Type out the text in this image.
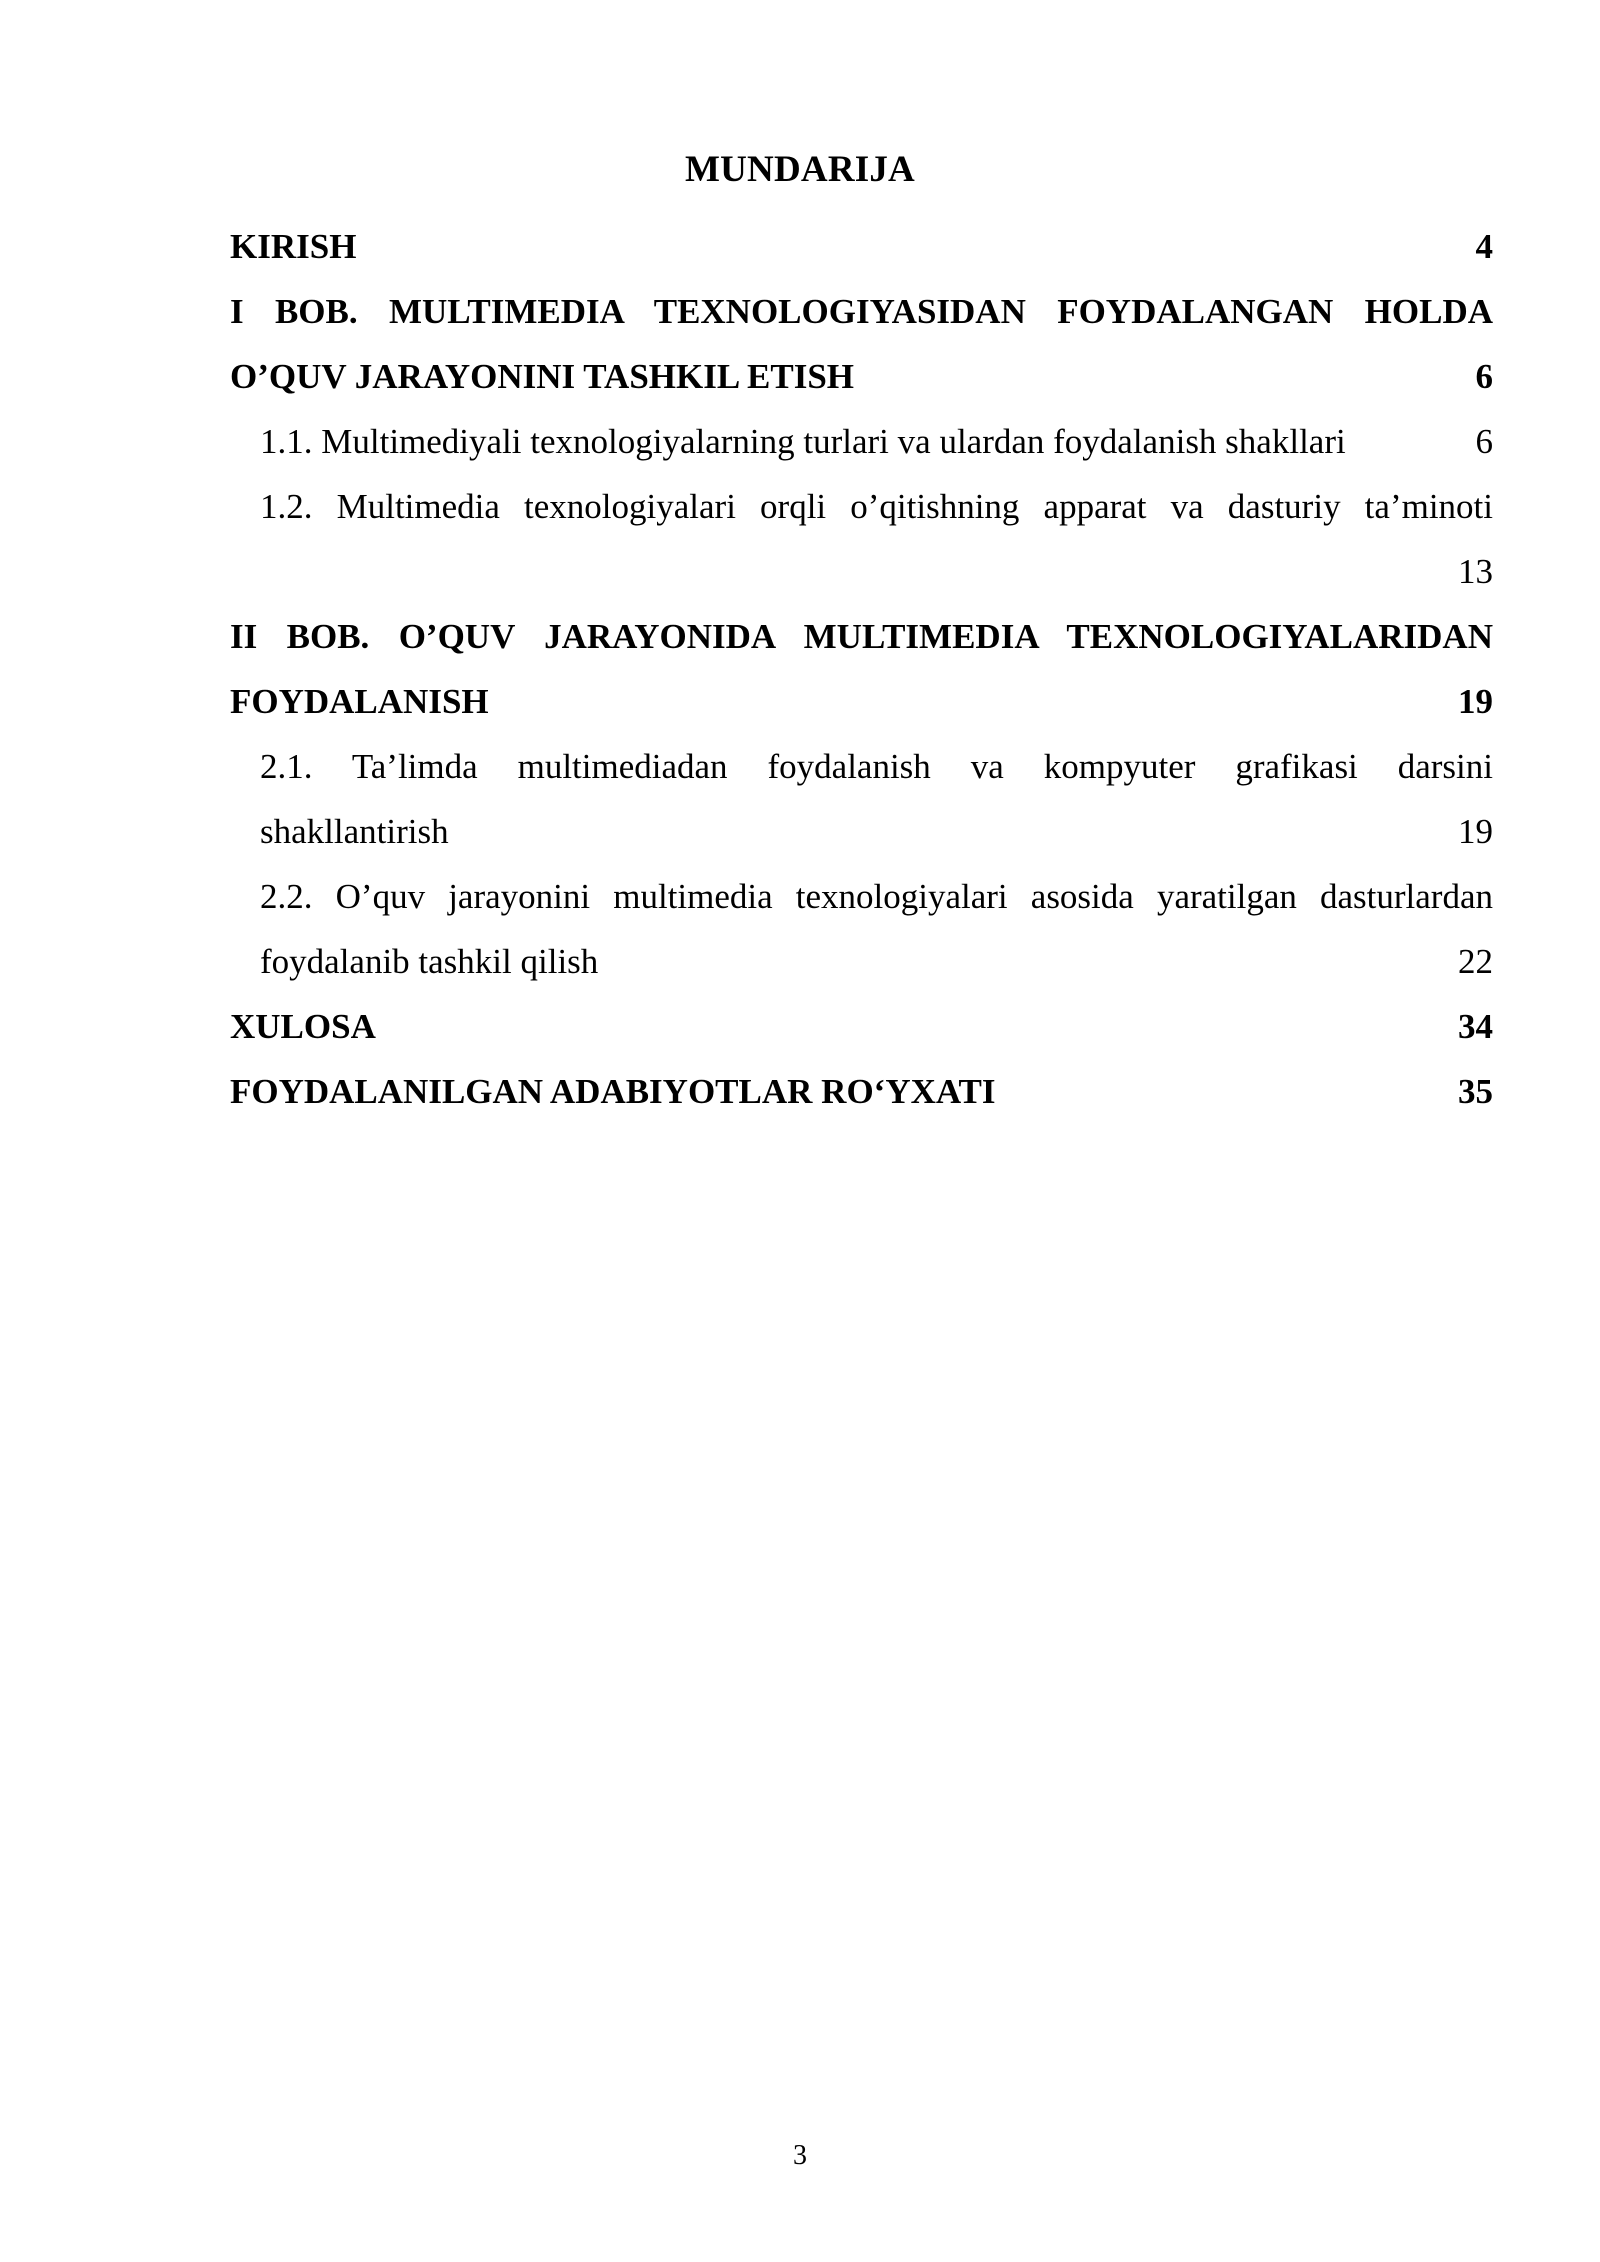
MUNDARIJA
KIRISH	4
I BOB. MULTIMEDIA TEXNOLOGIYASIDAN FOYDALANGAN HOLDA
O’QUV JARAYONINI TASHKIL ETISH	6
1.1. Multimediyali texnologiyalarning turlari va ulardan foydalanish shakllari	6
1.2. Multimedia texnologiyalari orqli o’qitishning apparat va dasturiy ta’minoti
13
II BOB. O’QUV JARAYONIDA MULTIMEDIA TEXNOLOGIYALARIDAN
FOYDALANISH	19
2.1. Ta’limda multimediadan foydalanish va kompyuter grafikasi darsini
shakllantirish	19
2.2. O’quv jarayonini multimedia texnologiyalari asosida yaratilgan dasturlardan
foydalanib tashkil qilish	22
XULOSA	34
FOYDALANILGAN ADABIYOTLAR RO‘YXATI	35
3
